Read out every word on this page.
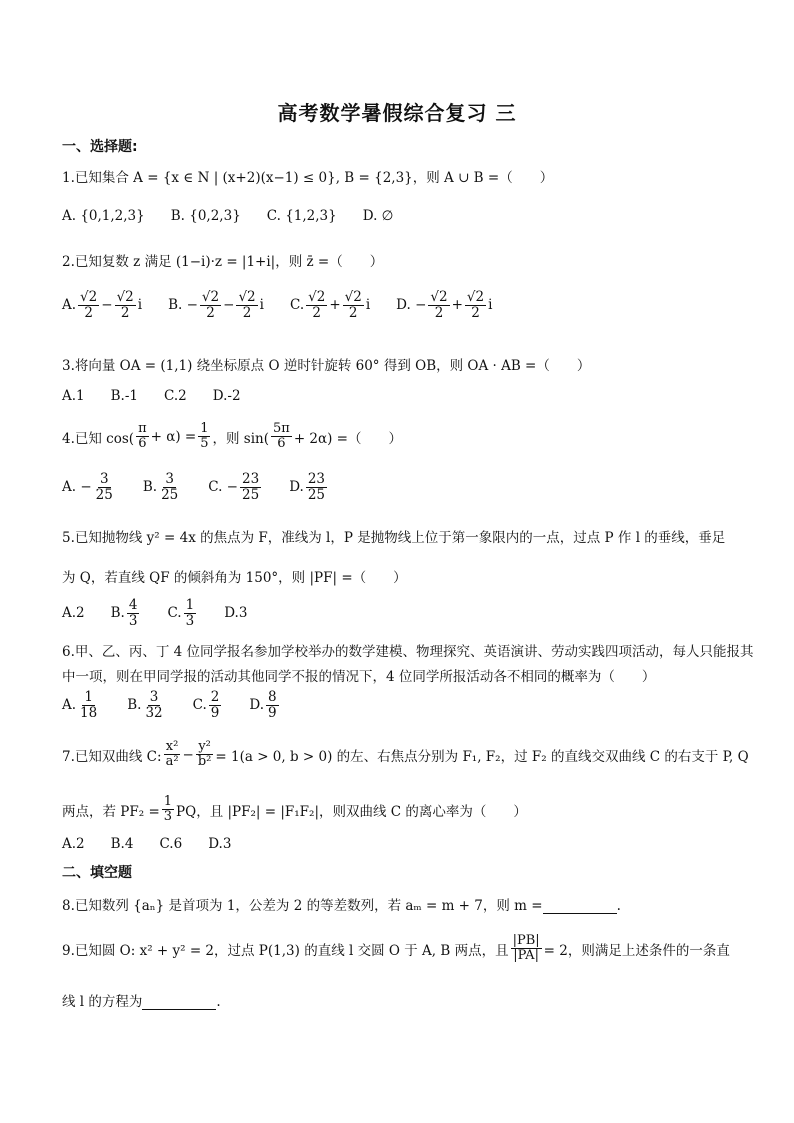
高考数学暑假综合复习 三
一、选择题:
1.已知集合 A = {x ∈ N | (x+2)(x−1) ≤ 0}, B = {2,3}，则 A ∪ B =（　　）
A. {0,1,2,3} B. {0,2,3} C. {1,2,3} D. ∅
2.已知复数 z 满足 (1−i)·z = |1+i|，则 z̄ =（　　）
A. $\frac{√2}{2} - \frac{√2}{2}$ i B. − $\frac{√2}{2} - \frac{√2}{2}$ i C. $\frac{√2}{2} + \frac{√2}{2}$ i D. − $\frac{√2}{2} + \frac{√2}{2}$ i
3.将向量 OA = (1,1) 绕坐标原点 O 逆时针旋转 60° 得到 OB，则 OA · AB =（　　）
A.1 B.-1 C.2 D.-2
4.已知 $\cos( \frac{\pi}{6} + \alpha) = \frac{1}{5}$ ，则 $\sin( \frac{5\pi}{6} + 2\alpha)$ =（　　）
A. − $\frac{3}{25} B$. $\frac{3}{25} C$. − $\frac{23}{25} D$. $\frac{23}{25}$
5.已知抛物线 y² = 4x 的焦点为 F，准线为 l，P 是抛物线上位于第一象限内的一点，过点 P 作 l 的垂线，垂足
为 Q，若直线 QF 的倾斜角为 150°，则 |PF| =（　　）
A.2 B. $\frac{4}{3} C$. $\frac{1}{3} D.3$
6.甲、乙、丙、丁 4 位同学报名参加学校举办的数学建模、物理探究、英语演讲、劳动实践四项活动，每人只能报其
中一项，则在甲同学报的活动其他同学不报的情况下，4 位同学所报活动各不相同的概率为（　　）
A. $\frac{1}{18} B$. $\frac{3}{32} C$. $\frac{2}{9} D$. $\frac{8}{9}$
7.已知双曲线 C: $\frac{\text{x²}}{\text{a²}} - \frac{\text{y²}}{\text{b²}} = 1(a > 0$, b > 0) 的左、右焦点分别为 F₁, F₂，过 F₂ 的直线交双曲线 C 的右支于 P, Q
两点，若 $PF_2 = \frac{1}{3}$ PQ，且 |PF₂| = |F₁F₂|，则双曲线 C 的离心率为（　　）
A.2 B.4 C.6 D.3
二、填空题
8.已知数列 {aₙ} 是首项为 1，公差为 2 的等差数列，若 aₘ = m + 7，则 m =	.
9.已知圆 O: x² + y² = 2，过点 P(1,3) 的直线 l 交圆 O 于 A, B 两点，且 $\frac{|PB|}{|PA|} = 2$，则满足上述条件的一条直
线 l 的方程为	.
